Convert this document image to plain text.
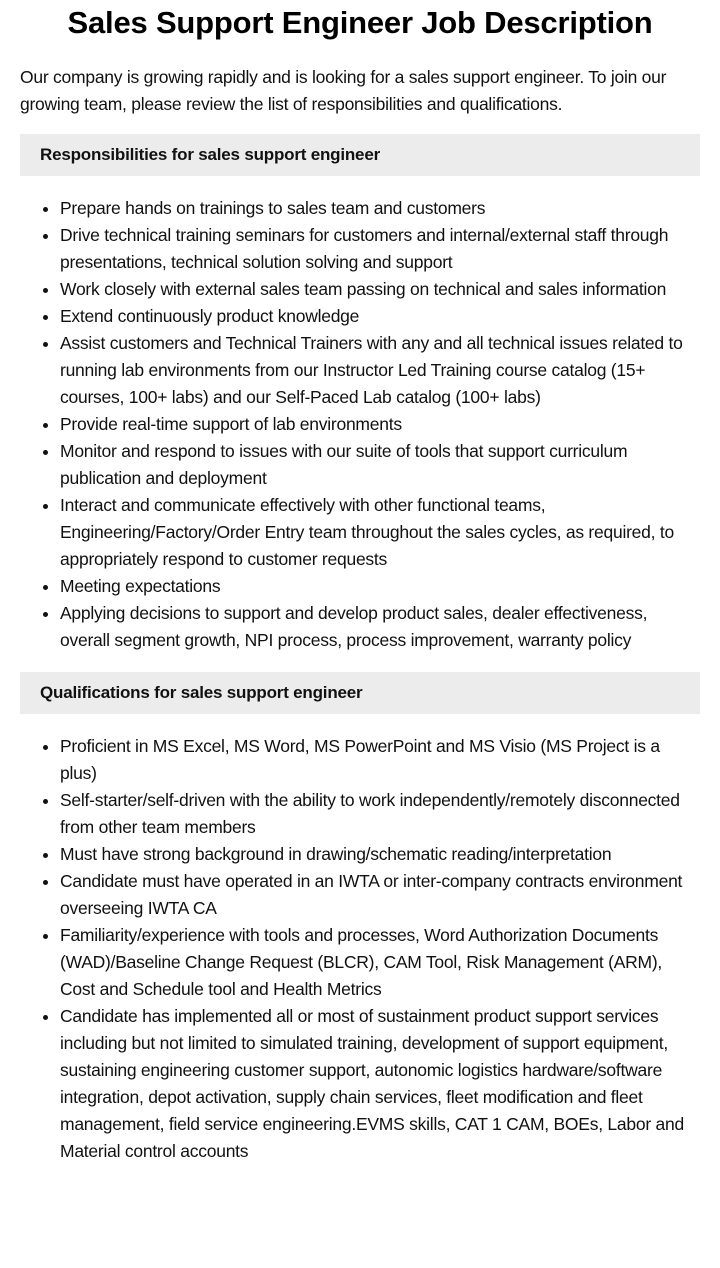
Sales Support Engineer Job Description

Our company is growing rapidly and is looking for a sales support engineer. To join our growing team, please review the list of responsibilities and qualifications.

Responsibilities for sales support engineer
• Prepare hands on trainings to sales team and customers
• Drive technical training seminars for customers and internal/external staff through presentations, technical solution solving and support
• Work closely with external sales team passing on technical and sales information
• Extend continuously product knowledge
• Assist customers and Technical Trainers with any and all technical issues related to running lab environments from our Instructor Led Training course catalog (15+ courses, 100+ labs) and our Self-Paced Lab catalog (100+ labs)
• Provide real-time support of lab environments
• Monitor and respond to issues with our suite of tools that support curriculum publication and deployment
• Interact and communicate effectively with other functional teams, Engineering/Factory/Order Entry team throughout the sales cycles, as required, to appropriately respond to customer requests
• Meeting expectations
• Applying decisions to support and develop product sales, dealer effectiveness, overall segment growth, NPI process, process improvement, warranty policy
Qualifications for sales support engineer
• Proficient in MS Excel, MS Word, MS PowerPoint and MS Visio (MS Project is a plus)
• Self-starter/self-driven with the ability to work independently/remotely disconnected from other team members
• Must have strong background in drawing/schematic reading/interpretation
• Candidate must have operated in an IWTA or inter-company contracts environment overseeing IWTA CA
• Familiarity/experience with tools and processes, Word Authorization Documents (WAD)/Baseline Change Request (BLCR), CAM Tool, Risk Management (ARM), Cost and Schedule tool and Health Metrics
• Candidate has implemented all or most of sustainment product support services including but not limited to simulated training, development of support equipment, sustaining engineering customer support, autonomic logistics hardware/software integration, depot activation, supply chain services, fleet modification and fleet management, field service engineering.EVMS skills, CAT 1 CAM, BOEs, Labor and Material control accounts
